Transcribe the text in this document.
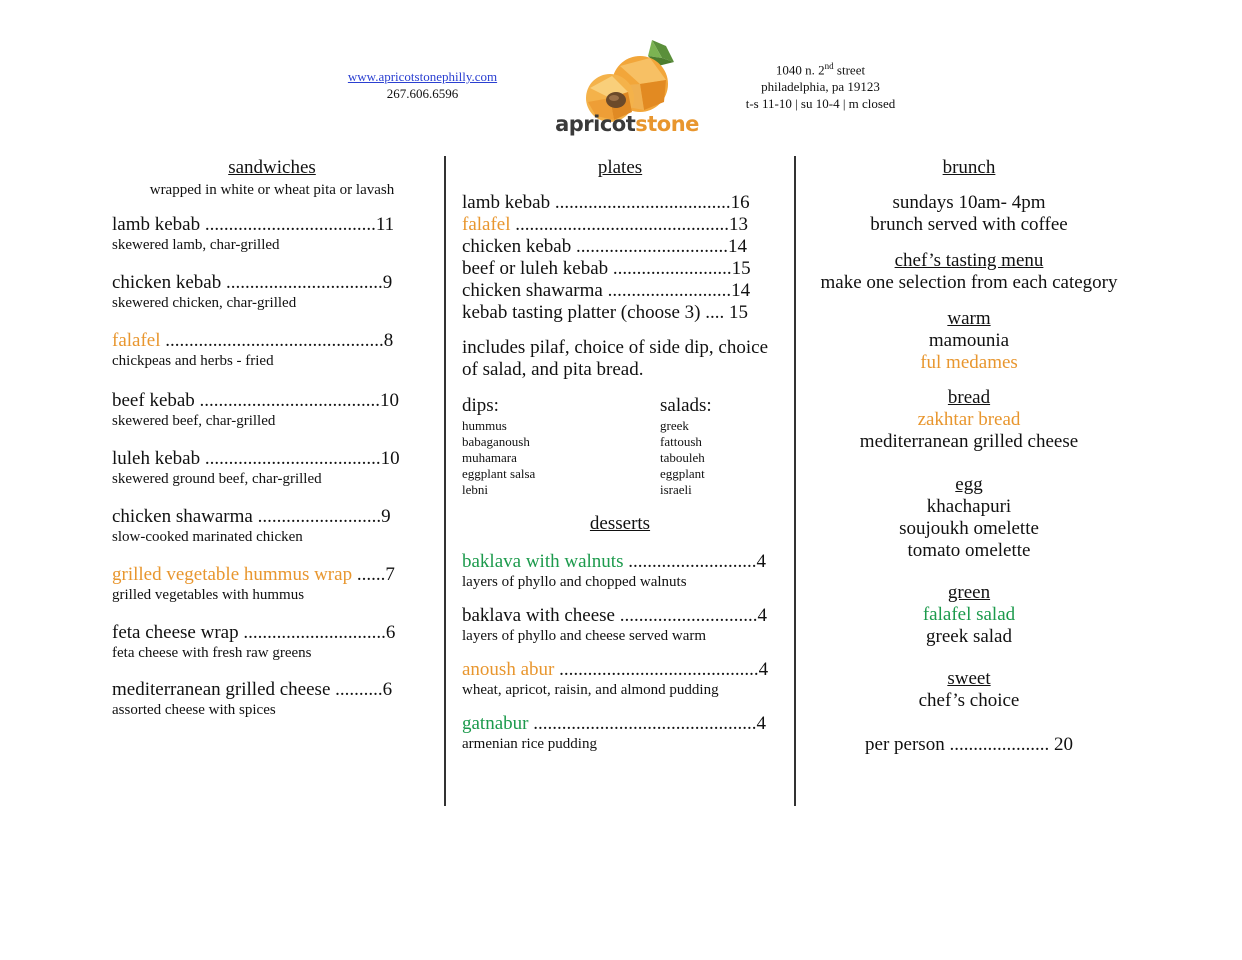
www.apricotstonephilly.com
267.606.6596
apricotstone
1040 n. 2nd street
philadelphia, pa 19123
t-s 11-10 | su 10-4 | m closed
sandwiches
wrapped in white or wheat pita or lavash
lamb kebab ....................................11
skewered lamb, char-grilled
chicken kebab .................................9
skewered chicken, char-grilled
falafel ..............................................8
chickpeas and herbs - fried
beef kebab ......................................10
skewered beef, char-grilled
luleh kebab .....................................10
skewered ground beef, char-grilled
chicken shawarma ..........................9
slow-cooked marinated chicken
grilled vegetable hummus wrap ......7
grilled vegetables with hummus
feta cheese wrap ..............................6
feta cheese with fresh raw greens
mediterranean grilled cheese ..........6
assorted cheese with spices
plates
lamb kebab .....................................16
falafel .............................................13
chicken kebab ................................14
beef or luleh kebab .........................15
chicken shawarma ..........................14
kebab tasting platter (choose 3) .... 15
includes pilaf, choice of side dip, choice of salad, and pita bread.
dips:
hummus
babaganoush
muhamara
eggplant salsa
lebni
salads:
greek
fattoush
tabouleh
eggplant
israeli
desserts
baklava with walnuts ...........................4
layers of phyllo and chopped walnuts
baklava with cheese .............................4
layers of phyllo and cheese served warm
anoush abur ..........................................4
wheat, apricot, raisin, and almond pudding
gatnabur ...............................................4
armenian rice pudding
brunch
sundays 10am- 4pm
brunch served with coffee
chef’s tasting menu
make one selection from each category
warm
mamounia
ful medames
bread
zakhtar bread
mediterranean grilled cheese
egg
khachapuri
soujoukh omelette
tomato omelette
green
falafel salad
greek salad
sweet
chef’s choice
per person ..................... 20
